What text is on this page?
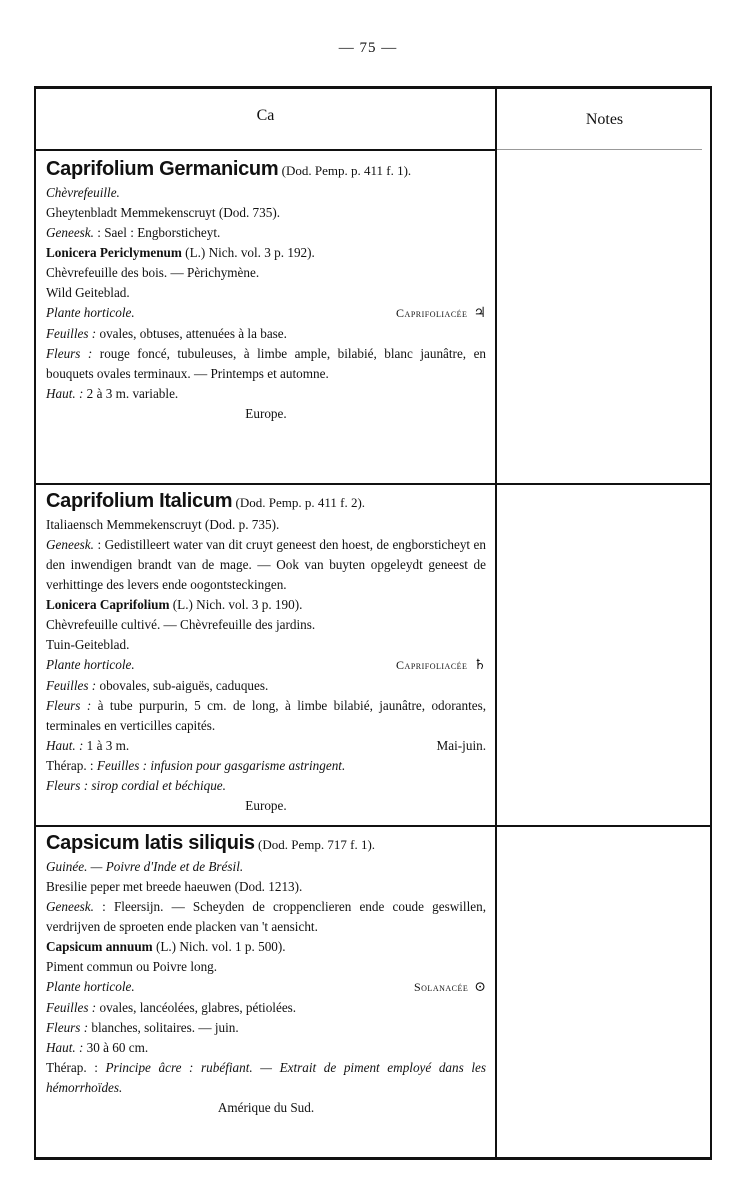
— 75 —
Ca	Notes
Caprifolium Germanicum (Dod. Pemp. p. 411 f. 1).
Chèvrefeuille.
Gheytenbladt Memmekenscruyt (Dod. 735).
Geneesk. : Sael : Engborsticheyt.
Lonicera Periclymenum (L.) Nich. vol. 3 p. 192).
Chèvrefeuille des bois. — Pèrichymène.
Wild Geiteblad.
Plante horticole.	Caprifoliacée ♃
Feuilles : ovales, obtuses, attenuées à la base.
Fleurs : rouge foncé, tubuleuses, à limbe ample, bilabié, blanc jaunâtre, en bouquets ovales terminaux. — Printemps et automne.
Haut. : 2 à 3 m. variable.
Europe.
Caprifolium Italicum (Dod. Pemp. p. 411 f. 2).
Italiaensch Memmekenscruyt (Dod. p. 735).
Geneesk. : Gedistilleert water van dit cruyt geneest den hoest, de engborsticheyt en den inwendigen brandt van de mage. — Ook van buyten opgeleydt geneest de verhittinge des levers ende oogontsteckingen.
Lonicera Caprifolium (L.) Nich. vol. 3 p. 190).
Chèvrefeuille cultivé. — Chèvrefeuille des jardins.
Tuin-Geiteblad.
Plante horticole.	Caprifoliacée ♄
Feuilles : obovales, sub-aiguës, caduques.
Fleurs : à tube purpurin, 5 cm. de long, à limbe bilabié, jaunâtre, odorantes, terminales en verticilles capités.
Haut. : 1 à 3 m.	Mai-juin.
Thérap. : Feuilles : infusion pour gasgarisme astringent.
Fleurs : sirop cordial et béchique.
Europe.
Capsicum latis siliquis (Dod. Pemp. 717 f. 1).
Guinée. — Poivre d'Inde et de Brésil.
Bresilie peper met breede haeuwen (Dod. 1213).
Geneesk. : Fleersijn. — Scheyden de croppenclieren ende coude geswillen, verdrijven de sproeten ende placken van 't aensicht.
Capsicum annuum (L.) Nich. vol. 1 p. 500).
Piment commun ou Poivre long.
Plante horticole.	Solanacée ⊙
Feuilles : ovales, lancéolées, glabres, pétiolées.
Fleurs : blanches, solitaires. — juin.
Haut. : 30 à 60 cm.
Thérap. : Principe âcre : rubéfiant. — Extrait de piment employé dans les hémorrhoïdes.
Amérique du Sud.
